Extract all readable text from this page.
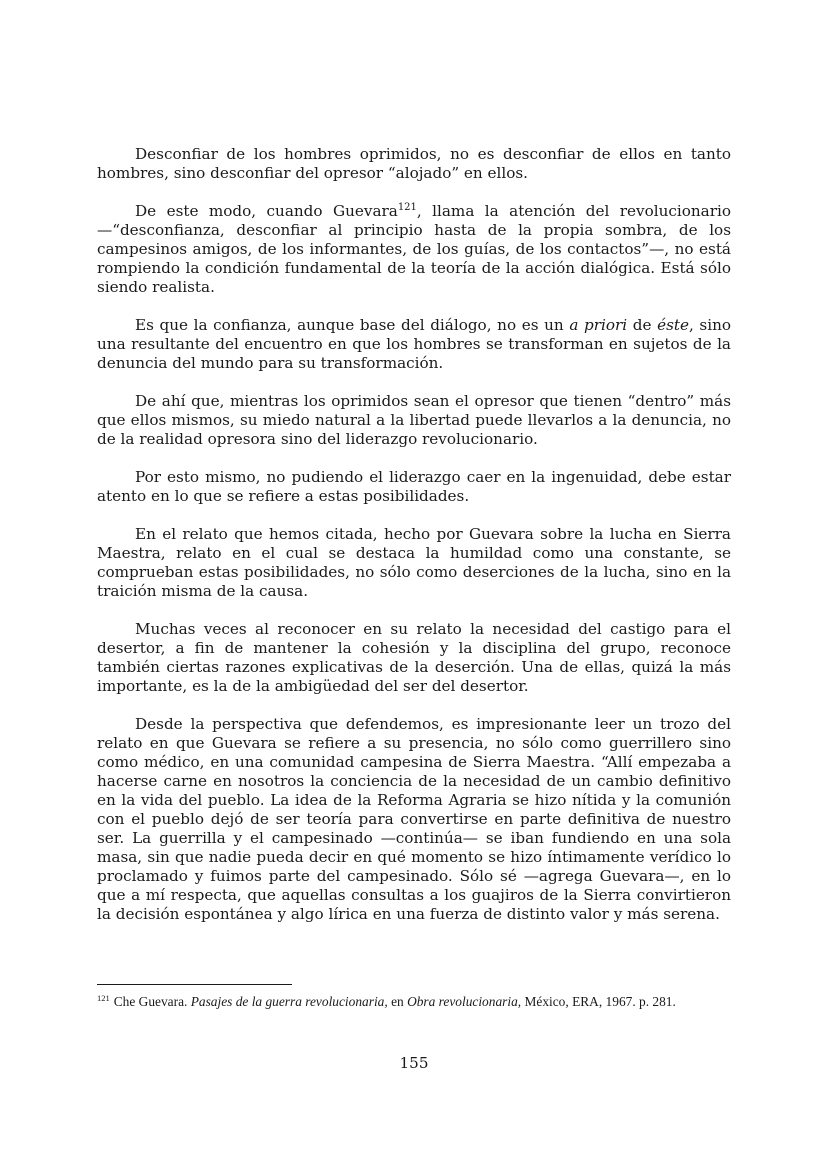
Desconfiar de los hombres oprimidos, no es desconfiar de ellos en tanto hombres, sino desconfiar del opresor “alojado” en ellos.

De este modo, cuando Guevara$^{121}$, llama la atención del revolucionario —“desconfianza, desconfiar al principio hasta de la propia sombra, de los campesinos amigos, de los informantes, de los guías, de los contactos”—, no está rompiendo la condición fundamental de la teoría de la acción dialógica. Está sólo siendo realista.

Es que la confianza, aunque base del diálogo, no es un a priori de éste, sino una resultante del encuentro en que los hombres se transforman en sujetos de la denuncia del mundo para su transformación.

De ahí que, mientras los oprimidos sean el opresor que tienen “dentro” más que ellos mismos, su miedo natural a la libertad puede llevarlos a la denuncia, no de la realidad opresora sino del liderazgo revolucionario.

Por esto mismo, no pudiendo el liderazgo caer en la ingenuidad, debe estar atento en lo que se refiere a estas posibilidades.

En el relato que hemos citada, hecho por Guevara sobre la lucha en Sierra Maestra, relato en el cual se destaca la humildad como una constante, se comprueban estas posibilidades, no sólo como deserciones de la lucha, sino en la traición misma de la causa.

Muchas veces al reconocer en su relato la necesidad del castigo para el desertor, a fin de mantener la cohesión y la disciplina del grupo, reconoce también ciertas razones explicativas de la deserción. Una de ellas, quizá la más importante, es la de la ambigüedad del ser del desertor.

Desde la perspectiva que defendemos, es impresionante leer un trozo del relato en que Guevara se refiere a su presencia, no sólo como guerrillero sino como médico, en una comunidad campesina de Sierra Maestra. “Allí empezaba a hacerse carne en nosotros la conciencia de la necesidad de un cambio definitivo en la vida del pueblo. La idea de la Reforma Agraria se hizo nítida y la comunión con el pueblo dejó de ser teoría para convertirse en parte definitiva de nuestro ser. La guerrilla y el campesinado —continúa— se iban fundiendo en una sola masa, sin que nadie pueda decir en qué momento se hizo íntimamente verídico lo proclamado y fuimos parte del campesinado. Sólo sé —agrega Guevara—, en lo que a mí respecta, que aquellas consultas a los guajiros de la Sierra convirtieron la decisión espontánea y algo lírica en una fuerza de distinto valor y más serena.

$^{121}$ Che Guevara. Pasajes de la guerra revolucionaria, en Obra revolucionaria, México, ERA, 1967. p. 281.

155
